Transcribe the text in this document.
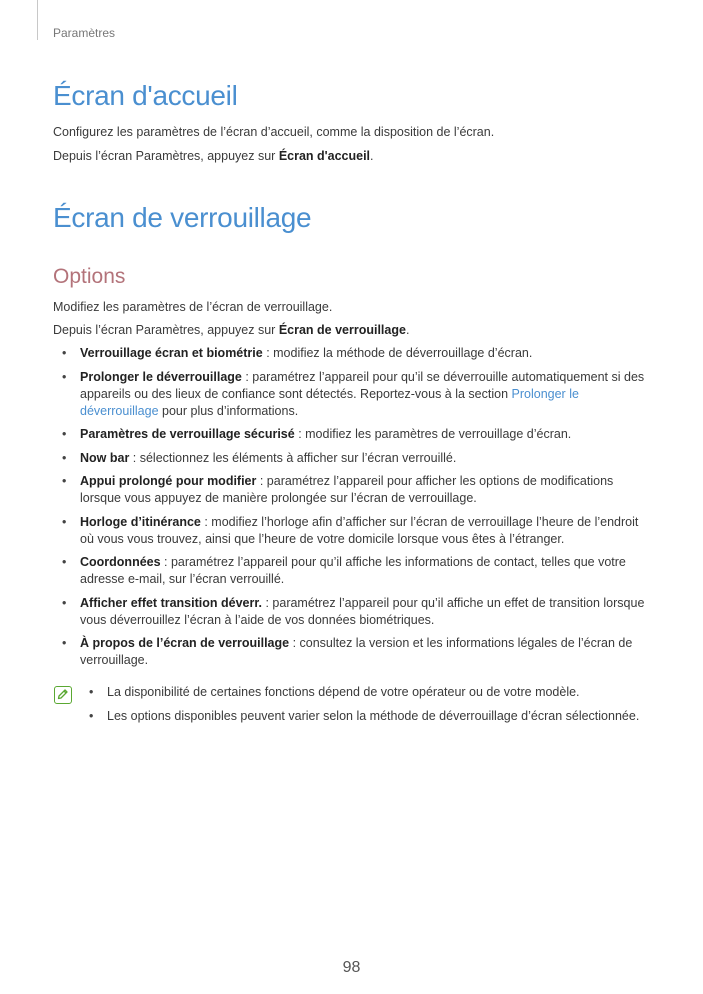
Paramètres
Écran d'accueil
Configurez les paramètres de l’écran d’accueil, comme la disposition de l’écran.
Depuis l’écran Paramètres, appuyez sur Écran d'accueil.
Écran de verrouillage
Options
Modifiez les paramètres de l’écran de verrouillage.
Depuis l’écran Paramètres, appuyez sur Écran de verrouillage.
• Verrouillage écran et biométrie : modifiez la méthode de déverrouillage d’écran.
• Prolonger le déverrouillage : paramétrez l’appareil pour qu’il se déverrouille automatiquement si des appareils ou des lieux de confiance sont détectés. Reportez-vous à la section Prolonger le déverrouillage pour plus d’informations.
• Paramètres de verrouillage sécurisé : modifiez les paramètres de verrouillage d’écran.
• Now bar : sélectionnez les éléments à afficher sur l’écran verrouillé.
• Appui prolongé pour modifier : paramétrez l’appareil pour afficher les options de modifications lorsque vous appuyez de manière prolongée sur l’écran de verrouillage.
• Horloge d’itinérance : modifiez l’horloge afin d’afficher sur l’écran de verrouillage l’heure de l’endroit où vous vous trouvez, ainsi que l’heure de votre domicile lorsque vous êtes à l’étranger.
• Coordonnées : paramétrez l’appareil pour qu’il affiche les informations de contact, telles que votre adresse e-mail, sur l’écran verrouillé.
• Afficher effet transition déverr. : paramétrez l’appareil pour qu’il affiche un effet de transition lorsque vous déverrouillez l’écran à l’aide de vos données biométriques.
• À propos de l’écran de verrouillage : consultez la version et les informations légales de l’écran de verrouillage.
• La disponibilité de certaines fonctions dépend de votre opérateur ou de votre modèle.
• Les options disponibles peuvent varier selon la méthode de déverrouillage d’écran sélectionnée.
98
